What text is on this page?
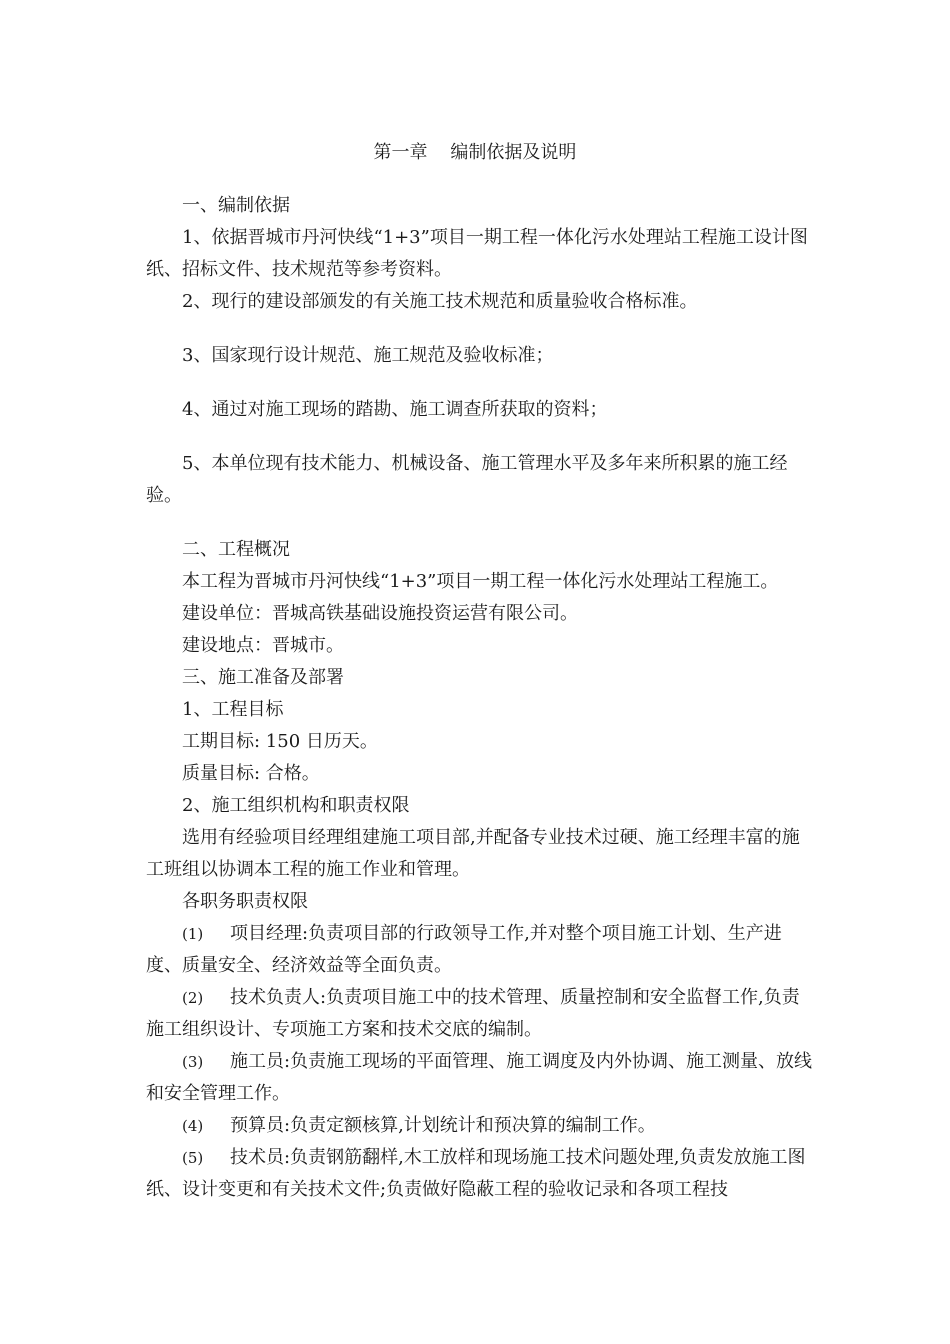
第一章    编制依据及说明

一、编制依据

1、依据晋城市丹河快线“1+3”项目一期工程一体化污水处理站工程施工设计图纸、招标文件、技术规范等参考资料。

2、现行的建设部颁发的有关施工技术规范和质量验收合格标准。

3、国家现行设计规范、施工规范及验收标准；

4、通过对施工现场的踏勘、施工调查所获取的资料；

5、本单位现有技术能力、机械设备、施工管理水平及多年来所积累的施工经验。

二、工程概况

本工程为晋城市丹河快线“1+3”项目一期工程一体化污水处理站工程施工。

建设单位：晋城高铁基础设施投资运营有限公司。

建设地点：晋城市。

三、施工准备及部署

1、工程目标

工期目标: 150 日历天。

质量目标: 合格。

2、施工组织机构和职责权限

选用有经验项目经理组建施工项目部,并配备专业技术过硬、施工经理丰富的施工班组以协调本工程的施工作业和管理。

各职务职责权限

(1) 项目经理:负责项目部的行政领导工作,并对整个项目施工计划、生产进度、质量安全、经济效益等全面负责。

(2) 技术负责人:负责项目施工中的技术管理、质量控制和安全监督工作,负责施工组织设计、专项施工方案和技术交底的编制。

(3) 施工员:负责施工现场的平面管理、施工调度及内外协调、施工测量、放线和安全管理工作。

(4) 预算员:负责定额核算,计划统计和预决算的编制工作。

(5) 技术员:负责钢筋翻样,木工放样和现场施工技术问题处理,负责发放施工图纸、设计变更和有关技术文件;负责做好隐蔽工程的验收记录和各项工程技
